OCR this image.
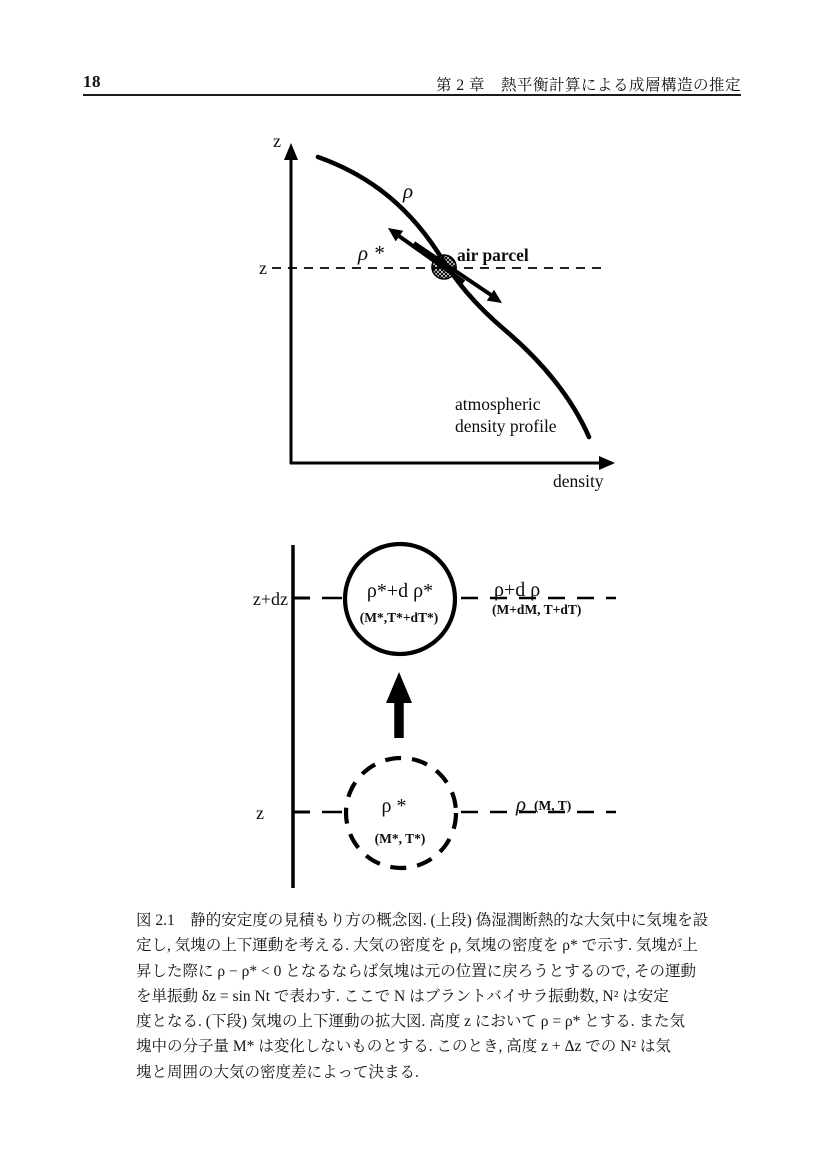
18	第 2 章　熱平衡計算による成層構造の推定
z
z
ρ
ρ *	air parcel
atmospheric
density profile
density
ρ*+d ρ*
(M*,T*+dT*)
ρ+d ρ
(M+dM, T+dT)
ρ *
(M*, T*)
ρ (M, T)
z+dz
z
図 2.1　静的安定度の見積もり方の概念図. (上段) 偽湿潤断熱的な大気中に気塊を設
定し, 気塊の上下運動を考える. 大気の密度を ρ, 気塊の密度を ρ* で示す. 気塊が上
昇した際に ρ − ρ* < 0 となるならば気塊は元の位置に戻ろうとするので, その運動
を単振動 δz = sin Nt で表わす. ここで N はブラントバイサラ振動数, N² は安定
度となる. (下段) 気塊の上下運動の拡大図. 高度 z において ρ = ρ* とする. また気
塊中の分子量 M* は変化しないものとする. このとき, 高度 z + Δz での N² は気
塊と周囲の大気の密度差によって決まる.
